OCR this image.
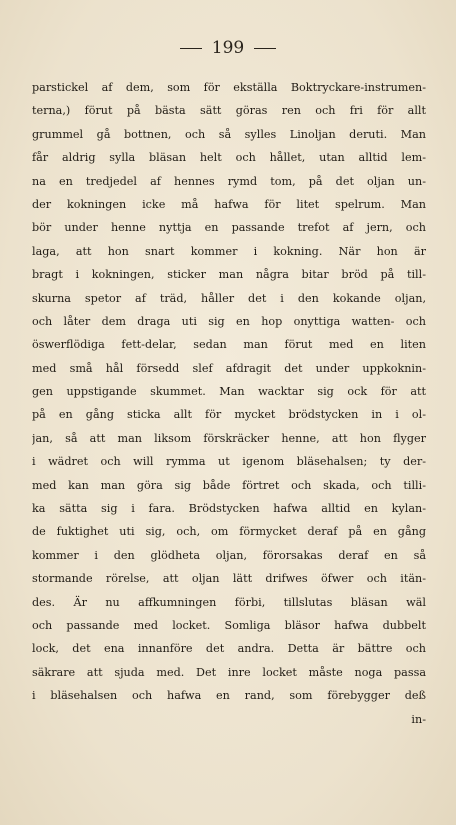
199
parstickel af dem, som för ekställa Boktryckare-instrumen-
terna,) förut på bästa sätt göras ren och fri för allt
grummel gå bottnen, och så sylles Linoljan deruti. Man
får aldrig sylla bläsan helt och hållet, utan alltid lem-
na en tredjedel af hennes rymd tom, på det oljan un-
der kokningen icke må hafwa för litet spelrum. Man
bör under henne nyttja en passande trefot af jern, och
laga, att hon snart kommer i kokning. När hon är
bragt i kokningen, sticker man några bitar bröd på till-
skurna spetor af träd, håller det i den kokande oljan,
och låter dem draga uti sig en hop onyttiga watten- och
öswerflödiga fett-delar, sedan man förut med en liten
med små hål försedd slef afdragit det under uppkoknin-
gen uppstigande skummet. Man wacktar sig ock för att
på en gång sticka allt för mycket brödstycken in i ol-
jan, så att man liksom förskräcker henne, att hon flyger
i wädret och will rymma ut igenom bläsehalsen; ty der-
med kan man göra sig både förtret och skada, och tilli-
ka sätta sig i fara. Brödstycken hafwa alltid en kylan-
de fuktighet uti sig, och, om förmycket deraf på en gång
kommer i den glödheta oljan, förorsakas deraf en så
stormande rörelse, att oljan lätt drifwes öfwer och itän-
des. Är nu affkumningen förbi, tillslutas bläsan wäl
och passande med locket. Somliga bläsor hafwa dubbelt
lock, det ena innanföre det andra. Detta är bättre och
säkrare att sjuda med. Det inre locket måste noga passa
i bläsehalsen och hafwa en rand, som förebygger deß
in-
